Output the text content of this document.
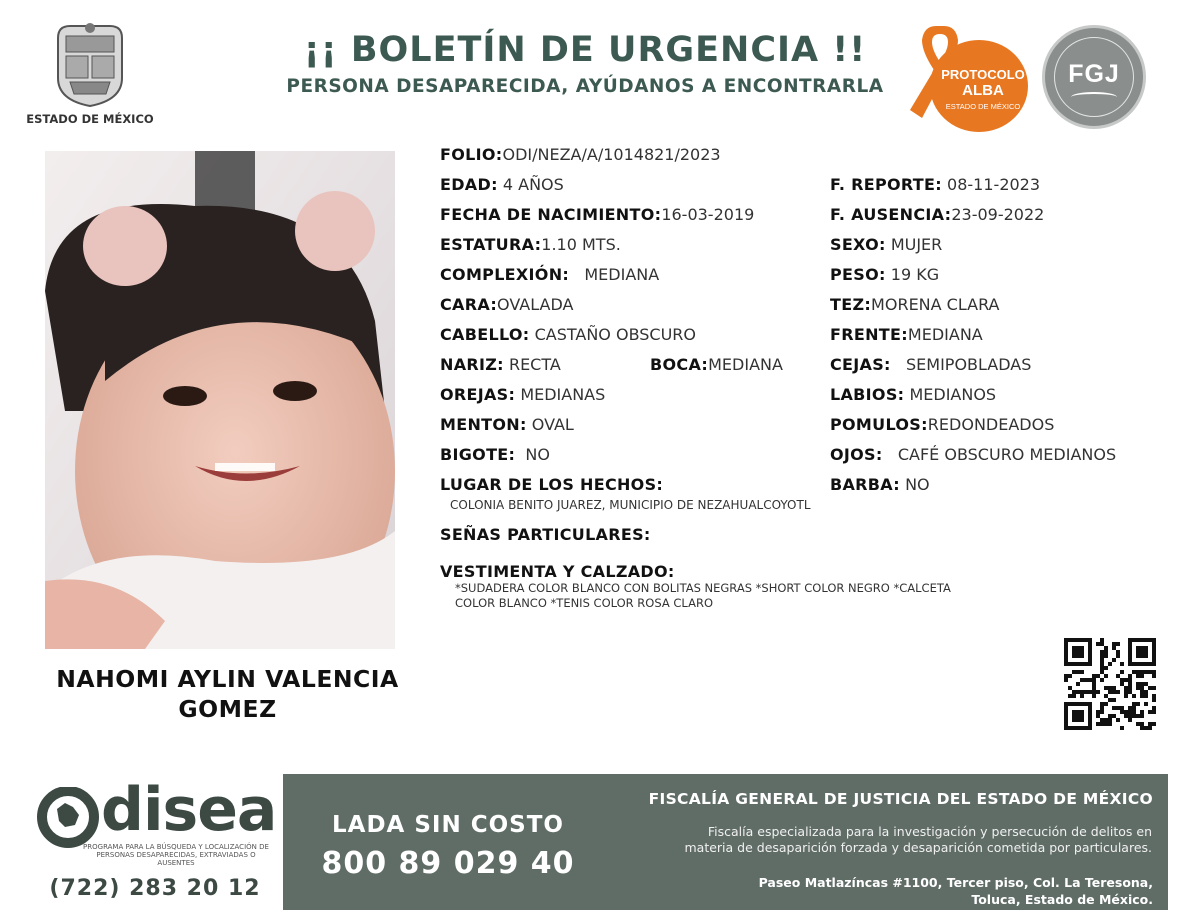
ESTADO DE MÉXICO
¡¡ BOLETÍN DE URGENCIA !!
PERSONA DESAPARECIDA, AYÚDANOS A ENCONTRARLA
PROTOCOLO
ALBA
ESTADO DE MÉXICO
FGJ
NAHOMI AYLIN VALENCIA GOMEZ
FOLIO:ODI/NEZA/A/1014821/2023
EDAD: 4 AÑOS	F. REPORTE: 08-11-2023
FECHA DE NACIMIENTO:16-03-2019	F. AUSENCIA:23-09-2022
ESTATURA:1.10 MTS.	SEXO: MUJER
COMPLEXIÓN: MEDIANA	PESO: 19 KG
CARA:OVALADA	TEZ:MORENA CLARA
CABELLO: CASTAÑO OBSCURO	FRENTE:MEDIANA
NARIZ: RECTA	BOCA:MEDIANA	CEJAS: SEMIPOBLADAS
OREJAS: MEDIANAS	LABIOS: MEDIANOS
MENTON: OVAL	POMULOS:REDONDEADOS
BIGOTE: NO	OJOS: CAFÉ OBSCURO MEDIANOS
LUGAR DE LOS HECHOS:	BARBA: NO
COLONIA BENITO JUAREZ, MUNICIPIO DE NEZAHUALCOYOTL
SEÑAS PARTICULARES:
VESTIMENTA Y CALZADO:
*SUDADERA COLOR BLANCO CON BOLITAS NEGRAS *SHORT COLOR NEGRO *CALCETA
COLOR BLANCO *TENIS COLOR ROSA CLARO
disea
PROGRAMA PARA LA BÚSQUEDA Y LOCALIZACIÓN DE PERSONAS DESAPARECIDAS, EXTRAVIADAS O AUSENTES
(722) 283 20 12
LADA SIN COSTO
800 89 029 40
FISCALÍA GENERAL DE JUSTICIA DEL ESTADO DE MÉXICO
Fiscalía especializada para la investigación y persecución de delitos en
materia de desaparición forzada y desaparición cometida por particulares.
Paseo Matlazíncas #1100, Tercer piso, Col. La Teresona,
Toluca, Estado de México.
